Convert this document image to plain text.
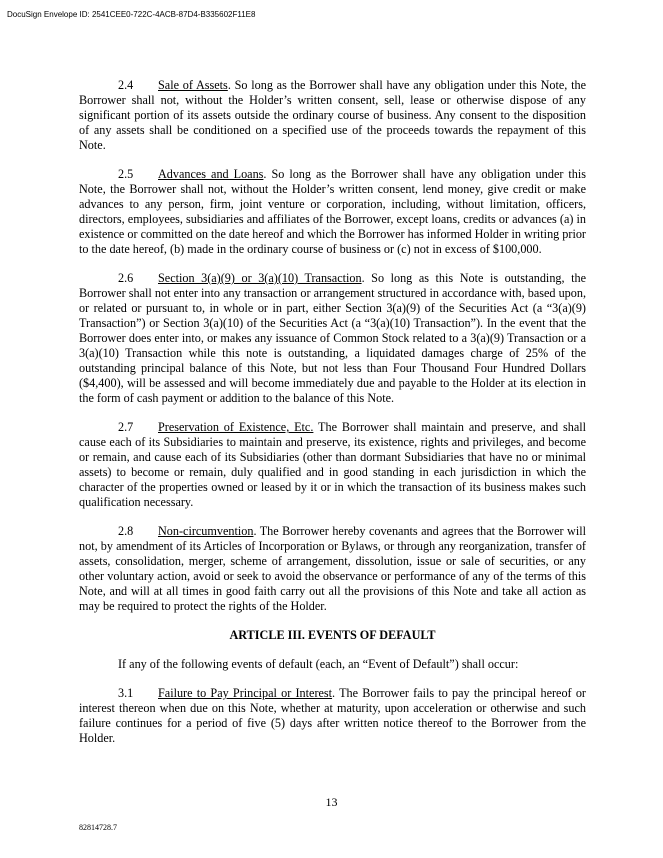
DocuSign Envelope ID: 2541CEE0-722C-4ACB-87D4-B335602F11E8

2.4 Sale of Assets. So long as the Borrower shall have any obligation under this Note, the Borrower shall not, without the Holder’s written consent, sell, lease or otherwise dispose of any significant portion of its assets outside the ordinary course of business. Any consent to the disposition of any assets shall be conditioned on a specified use of the proceeds towards the repayment of this Note.

2.5 Advances and Loans. So long as the Borrower shall have any obligation under this Note, the Borrower shall not, without the Holder’s written consent, lend money, give credit or make advances to any person, firm, joint venture or corporation, including, without limitation, officers, directors, employees, subsidiaries and affiliates of the Borrower, except loans, credits or advances (a) in existence or committed on the date hereof and which the Borrower has informed Holder in writing prior to the date hereof, (b) made in the ordinary course of business or (c) not in excess of $100,000.

2.6 Section 3(a)(9) or 3(a)(10) Transaction. So long as this Note is outstanding, the Borrower shall not enter into any transaction or arrangement structured in accordance with, based upon, or related or pursuant to, in whole or in part, either Section 3(a)(9) of the Securities Act (a “3(a)(9) Transaction”) or Section 3(a)(10) of the Securities Act (a “3(a)(10) Transaction”). In the event that the Borrower does enter into, or makes any issuance of Common Stock related to a 3(a)(9) Transaction or a 3(a)(10) Transaction while this note is outstanding, a liquidated damages charge of 25% of the outstanding principal balance of this Note, but not less than Four Thousand Four Hundred Dollars ($4,400), will be assessed and will become immediately due and payable to the Holder at its election in the form of cash payment or addition to the balance of this Note.

2.7 Preservation of Existence, Etc. The Borrower shall maintain and preserve, and shall cause each of its Subsidiaries to maintain and preserve, its existence, rights and privileges, and become or remain, and cause each of its Subsidiaries (other than dormant Subsidiaries that have no or minimal assets) to become or remain, duly qualified and in good standing in each jurisdiction in which the character of the properties owned or leased by it or in which the transaction of its business makes such qualification necessary.

2.8 Non-circumvention. The Borrower hereby covenants and agrees that the Borrower will not, by amendment of its Articles of Incorporation or Bylaws, or through any reorganization, transfer of assets, consolidation, merger, scheme of arrangement, dissolution, issue or sale of securities, or any other voluntary action, avoid or seek to avoid the observance or performance of any of the terms of this Note, and will at all times in good faith carry out all the provisions of this Note and take all action as may be required to protect the rights of the Holder.

ARTICLE III. EVENTS OF DEFAULT

If any of the following events of default (each, an “Event of Default”) shall occur:

3.1 Failure to Pay Principal or Interest. The Borrower fails to pay the principal hereof or interest thereon when due on this Note, whether at maturity, upon acceleration or otherwise and such failure continues for a period of five (5) days after written notice thereof to the Borrower from the Holder.

13
82814728.7
